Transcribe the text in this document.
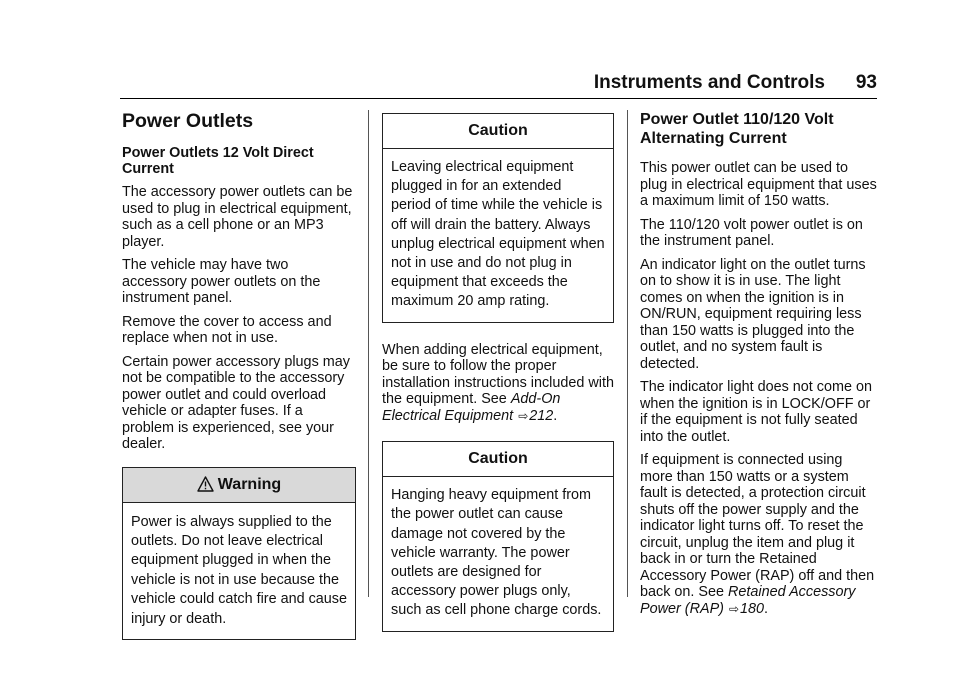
Instruments and Controls 93
Power Outlets
Power Outlets 12 Volt Direct Current

The accessory power outlets can be used to plug in electrical equipment, such as a cell phone or an MP3 player.

The vehicle may have two accessory power outlets on the instrument panel.

Remove the cover to access and replace when not in use.

Certain power accessory plugs may not be compatible to the accessory power outlet and could overload vehicle or adapter fuses. If a problem is experienced, see your dealer.

Warning
Power is always supplied to the outlets. Do not leave electrical equipment plugged in when the vehicle is not in use because the vehicle could catch fire and cause injury or death.
Caution
Leaving electrical equipment plugged in for an extended period of time while the vehicle is off will drain the battery. Always unplug electrical equipment when not in use and do not plug in equipment that exceeds the maximum 20 amp rating.

When adding electrical equipment, be sure to follow the proper installation instructions included with the equipment. See Add-On Electrical Equipment ⇨212.

Caution
Hanging heavy equipment from the power outlet can cause damage not covered by the vehicle warranty. The power outlets are designed for accessory power plugs only, such as cell phone charge cords.
Power Outlet 110/120 Volt Alternating Current

This power outlet can be used to plug in electrical equipment that uses a maximum limit of 150 watts.

The 110/120 volt power outlet is on the instrument panel.

An indicator light on the outlet turns on to show it is in use. The light comes on when the ignition is in ON/RUN, equipment requiring less than 150 watts is plugged into the outlet, and no system fault is detected.

The indicator light does not come on when the ignition is in LOCK/OFF or if the equipment is not fully seated into the outlet.

If equipment is connected using more than 150 watts or a system fault is detected, a protection circuit shuts off the power supply and the indicator light turns off. To reset the circuit, unplug the item and plug it back in or turn the Retained Accessory Power (RAP) off and then back on. See Retained Accessory Power (RAP) ⇨180.
